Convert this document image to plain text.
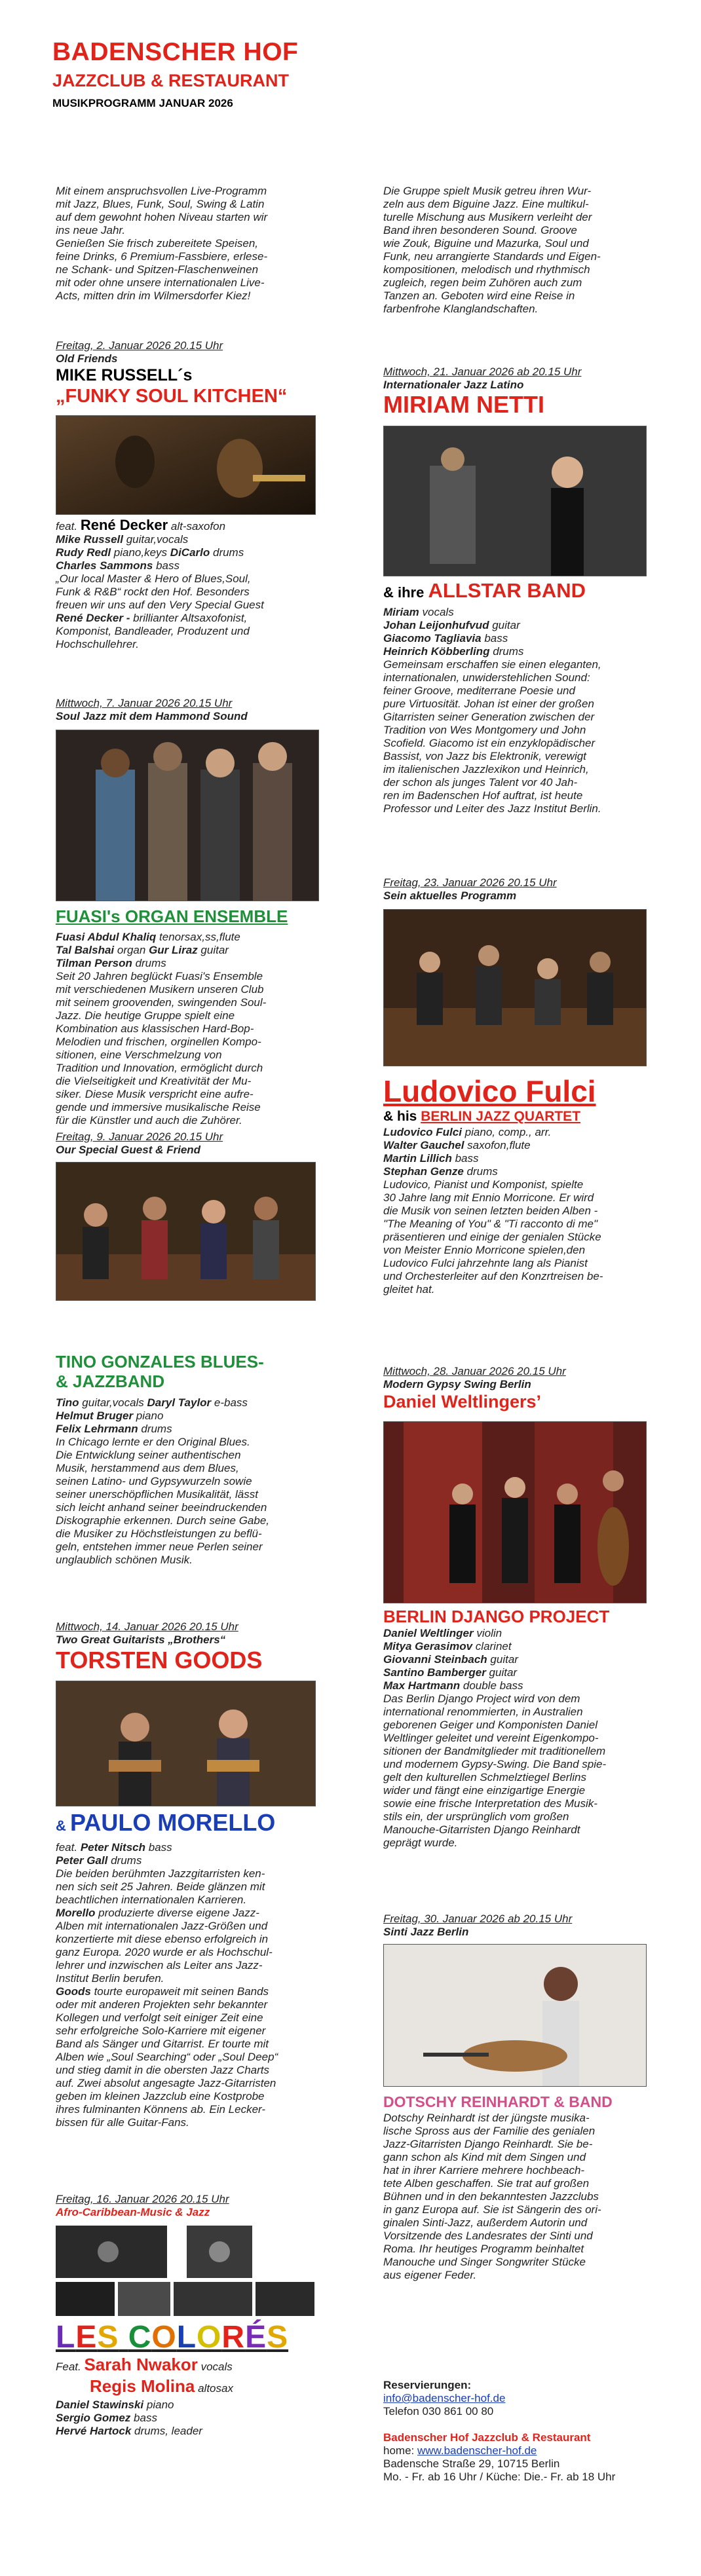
BADENSCHER HOF
JAZZCLUB & RESTAURANT
MUSIKPROGRAMM JANUAR 2026

Mit einem anspruchsvollen Live-Programm

mit Jazz, Blues, Funk, Soul, Swing & Latin

auf dem gewohnt hohen Niveau starten wir

ins neue Jahr.

Genießen Sie frisch zubereitete Speisen,

feine Drinks, 6 Premium-Fassbiere, erlese-

ne Schank- und Spitzen-Flaschenweinen

mit oder ohne unsere internationalen Live-

Acts, mitten drin im Wilmersdorfer Kiez!

Freitag, 2. Januar 2026 20.15 Uhr

Old Friends

MIKE RUSSELL´s

„FUNKY SOUL KITCHEN“

feat. René Decker alt-saxofon

Mike Russell guitar,vocals

Rudy Redl piano,keys DiCarlo drums

Charles Sammons bass

„Our local Master & Hero of Blues,Soul,

Funk & R&B“ rockt den Hof. Besonders

freuen wir uns auf den Very Special Guest

René Decker - brillianter Altsaxofonist,

Komponist, Bandleader, Produzent und

Hochschullehrer.

Mittwoch, 7. Januar 2026 20.15 Uhr

Soul Jazz mit dem Hammond Sound

FUASI's ORGAN ENSEMBLE

Fuasi Abdul Khaliq tenorsax,ss,flute

Tal Balshai organ Gur Liraz guitar

Tilman Person drums

Seit 20 Jahren beglückt Fuasi's Ensemble

mit verschiedenen Musikern unseren Club

mit seinem groovenden, swingenden Soul-

Jazz. Die heutige Gruppe spielt eine

Kombination aus klassischen Hard-Bop-

Melodien und frischen, orginellen Kompo-

sitionen, eine Verschmelzung von

Tradition und Innovation, ermöglicht durch

die Vielseitigkeit und Kreativität der Mu-

siker. Diese Musik verspricht eine aufre-

gende und immersive musikalische Reise

für die Künstler und auch die Zuhörer.

Freitag, 9. Januar 2026 20.15 Uhr

Our Special Guest & Friend

TINO GONZALES BLUES-

& JAZZBAND

Tino guitar,vocals Daryl Taylor e-bass

Helmut Bruger piano

Felix Lehrmann drums

In Chicago lernte er den Original Blues.

Die Entwicklung seiner authentischen

Musik, herstammend aus dem Blues,

seinen Latino- und Gypsywurzeln sowie

seiner unerschöpflichen Musikalität, lässt

sich leicht anhand seiner beeindruckenden

Diskographie erkennen. Durch seine Gabe,

die Musiker zu Höchstleistungen zu beflü-

geln, entstehen immer neue Perlen seiner

unglaublich schönen Musik.

Mittwoch, 14. Januar 2026 20.15 Uhr

Two Great Guitarists „Brothers“

TORSTEN GOODS

& PAULO MORELLO

feat. Peter Nitsch bass

Peter Gall drums

Die beiden berühmten Jazzgitarristen ken-

nen sich seit 25 Jahren. Beide glänzen mit

beachtlichen internationalen Karrieren.

Morello produzierte diverse eigene Jazz-

Alben mit internationalen Jazz-Größen und

konzertierte mit diese ebenso erfolgreich in

ganz Europa. 2020 wurde er als Hochschul-

lehrer und inzwischen als Leiter ans Jazz-

Institut Berlin berufen.

Goods tourte europaweit mit seinen Bands

oder mit anderen Projekten sehr bekannter

Kollegen und verfolgt seit einiger Zeit eine

sehr erfolgreiche Solo-Karriere mit eigener

Band als Sänger und Gitarrist. Er tourte mit

Alben wie „Soul Searching“ oder „Soul Deep“

und stieg damit in die obersten Jazz Charts

auf. Zwei absolut angesagte Jazz-Gitarristen

geben im kleinen Jazzclub eine Kostprobe

ihres fulminanten Könnens ab. Ein Lecker-

bissen für alle Guitar-Fans.

Freitag, 16. Januar 2026 20.15 Uhr

Afro-Caribbean-Music & Jazz

LES COLORÉS

Feat. Sarah Nwakor vocals

Regis Molina altosax

Daniel Stawinski piano

Sergio Gomez bass

Hervé Hartock drums, leader

Die Gruppe spielt Musik getreu ihren Wur-

zeln aus dem Biguine Jazz. Eine multikul-

turelle Mischung aus Musikern verleiht der

Band ihren besonderen Sound. Groove

wie Zouk, Biguine und Mazurka, Soul und

Funk, neu arrangierte Standards und Eigen-

kompositionen, melodisch und rhythmisch

zugleich, regen beim Zuhören auch zum

Tanzen an. Geboten wird eine Reise in

farbenfrohe Klanglandschaften.

Mittwoch, 21. Januar 2026 ab 20.15 Uhr

Internationaler Jazz Latino

MIRIAM NETTI

& ihre ALLSTAR BAND

Miriam vocals

Johan Leijonhufvud guitar

Giacomo Tagliavia bass

Heinrich Köbberling drums

Gemeinsam erschaffen sie einen eleganten,

internationalen, unwiderstehlichen Sound:

feiner Groove, mediterrane Poesie und

pure Virtuosität. Johan ist einer der großen

Gitarristen seiner Generation zwischen der

Tradition von Wes Montgomery und John

Scofield. Giacomo ist ein enzyklopädischer

Bassist, von Jazz bis Elektronik, verewigt

im italienischen Jazzlexikon und Heinrich,

der schon als junges Talent vor 40 Jah-

ren im Badenschen Hof auftrat, ist heute

Professor und Leiter des Jazz Institut Berlin.

Freitag, 23. Januar 2026 20.15 Uhr

Sein aktuelles Programm

Ludovico Fulci

& his BERLIN JAZZ QUARTET

Ludovico Fulci piano, comp., arr.

Walter Gauchel saxofon,flute

Martin Lillich bass

Stephan Genze drums

Ludovico, Pianist und Komponist, spielte

30 Jahre lang mit Ennio Morricone. Er wird

die Musik von seinen letzten beiden Alben -

"The Meaning of You" & "Ti racconto di me"

präsentieren und einige der genialen Stücke

von Meister Ennio Morricone spielen,den

Ludovico Fulci jahrzehnte lang als Pianist

und Orchesterleiter auf den Konzrtreisen be-

gleitet hat.

Mittwoch, 28. Januar 2026 20.15 Uhr

Modern Gypsy Swing Berlin

Daniel Weltlingers’

BERLIN DJANGO PROJECT

Daniel Weltlinger violin

Mitya Gerasimov clarinet

Giovanni Steinbach guitar

Santino Bamberger guitar

Max Hartmann double bass

Das Berlin Django Project wird von dem

international renommierten, in Australien

geborenen Geiger und Komponisten Daniel

Weltlinger geleitet und vereint Eigenkompo-

sitionen der Bandmitglieder mit traditionellem

und modernem Gypsy-Swing. Die Band spie-

gelt den kulturellen Schmelztiegel Berlins

wider und fängt eine einzigartige Energie

sowie eine frische Interpretation des Musik-

stils ein, der ursprünglich vom großen

Manouche-Gitarristen Django Reinhardt

geprägt wurde.

Freitag, 30. Januar 2026 ab 20.15 Uhr

Sinti Jazz Berlin

DOTSCHY REINHARDT & BAND

Dotschy Reinhardt ist der jüngste musika-

lische Spross aus der Familie des genialen

Jazz-Gitarristen Django Reinhardt. Sie be-

gann schon als Kind mit dem Singen und

hat in ihrer Karriere mehrere hochbeach-

tete Alben geschaffen. Sie trat auf großen

Bühnen und in den bekanntesten Jazzclubs

in ganz Europa auf. Sie ist Sängerin des ori-

ginalen Sinti-Jazz, außerdem Autorin und

Vorsitzende des Landesrates der Sinti und

Roma. Ihr heutiges Programm beinhaltet

Manouche und Singer Songwriter Stücke

aus eigener Feder.

Reservierungen:

info@badenscher-hof.de

Telefon 030 861 00 80

Badenscher Hof Jazzclub & Restaurant

home: www.badenscher-hof.de

Badensche Straße 29, 10715 Berlin

Mo. - Fr. ab 16 Uhr / Küche: Die.- Fr. ab 18 Uhr
